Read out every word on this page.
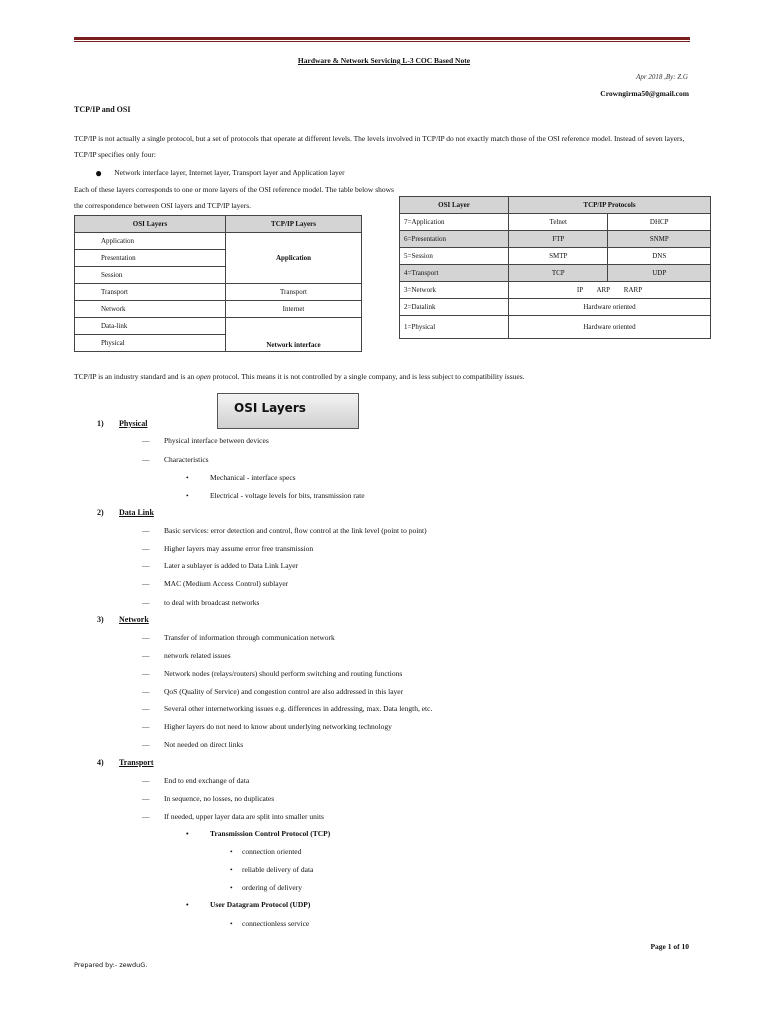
Hardware & Network Servicing L-3 COC Based Note
Apr 2018 ,By: Z.G
Crowngirma50@gmail.com
TCP/IP and OSI
TCP/IP is not actually a single protocol, but a set of protocols that operate at different levels. The levels involved in TCP/IP do not exactly match those of the OSI reference model. Instead of seven layers, TCP/IP specifies only four:
● Network interface layer, Internet layer, Transport layer and Application layer
Each of these layers corresponds to one or more layers of the OSI reference model. The table below shows the correspondence between OSI layers and TCP/IP layers.
OSI Layers	TCP/IP Layers
Application	Application
Presentation	
Session	
Transport	Transport
Network	Internet
Data-link	Network interface
Physical	
OSI Layer	TCP/IP Protocols	
7=Application	Telnet	DHCP
6=Presentation	FTP	SNMP
5=Session	SMTP	DNS
4=Transport	TCP	UDP
3=Network	IP        ARP        RARP	
2=Datalink	Hardware oriented	
1=Physical	Hardware oriented	
TCP/IP is an industry standard and is an open protocol. This means it is not controlled by a single company, and is less subject to compatibility issues.
OSI Layers
1) Physical
— Physical interface between devices
— Characteristics
•	Mechanical - interface specs
•	Electrical - voltage levels for bits, transmission rate
2) Data Link
— Basic services: error detection and control, flow control at the link level (point to point)
— Higher layers may assume error free transmission
— Later a sublayer is added to Data Link Layer
— MAC (Medium Access Control) sublayer
— to deal with broadcast networks
3) Network
— Transfer of information through communication network
— network related issues
— Network nodes (relays/routers) should perform switching and routing functions
— QoS (Quality of Service) and congestion control are also addressed in this layer
— Several other internetworking issues e.g. differences in addressing, max. Data length, etc.
— Higher layers do not need to know about underlying networking technology
— Not needed on direct links
4) Transport
— End to end exchange of data
— In sequence, no losses, no duplicates
— If needed, upper layer data are split into smaller units
•	Transmission Control Protocol (TCP)
• connection oriented
• reliable delivery of data
• ordering of delivery
•	User Datagram Protocol (UDP)
• connectionless service
Page 1 of 10
Prepared by:- zewduG.
